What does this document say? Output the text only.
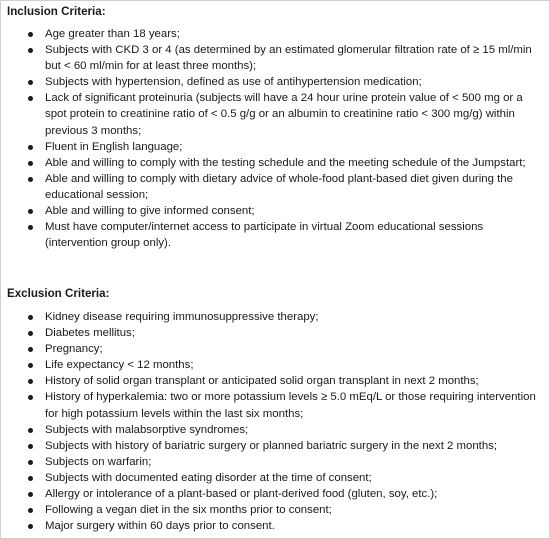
Inclusion Criteria:
Age greater than 18 years;
Subjects with CKD 3 or 4 (as determined by an estimated glomerular filtration rate of ≥ 15 ml/min but < 60 ml/min for at least three months);
Subjects with hypertension, defined as use of antihypertension medication;
Lack of significant proteinuria (subjects will have a 24 hour urine protein value of < 500 mg or a spot protein to creatinine ratio of < 0.5 g/g or an albumin to creatinine ratio < 300 mg/g) within previous 3 months;
Fluent in English language;
Able and willing to comply with the testing schedule and the meeting schedule of the Jumpstart;
Able and willing to comply with dietary advice of whole-food plant-based diet given during the educational session;
Able and willing to give informed consent;
Must have computer/internet access to participate in virtual Zoom educational sessions (intervention group only).
Exclusion Criteria:
Kidney disease requiring immunosuppressive therapy;
Diabetes mellitus;
Pregnancy;
Life expectancy < 12 months;
History of solid organ transplant or anticipated solid organ transplant in next 2 months;
History of hyperkalemia: two or more potassium levels ≥ 5.0 mEq/L or those requiring intervention for high potassium levels within the last six months;
Subjects with malabsorptive syndromes;
Subjects with history of bariatric surgery or planned bariatric surgery in the next 2 months;
Subjects on warfarin;
Subjects with documented eating disorder at the time of consent;
Allergy or intolerance of a plant-based or plant-derived food (gluten, soy, etc.);
Following a vegan diet in the six months prior to consent;
Major surgery within 60 days prior to consent.
